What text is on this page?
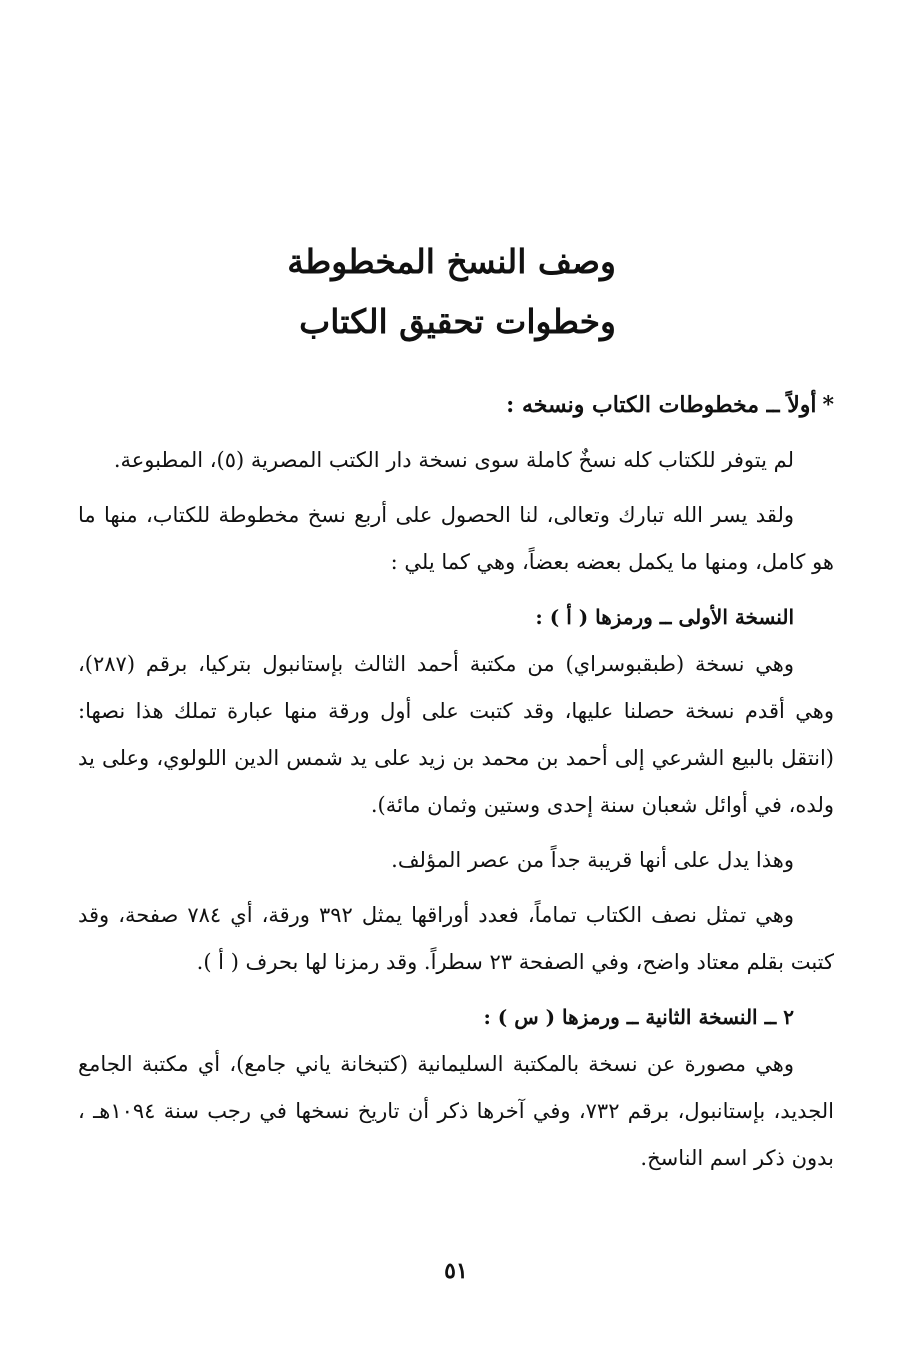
وصف النسخ المخطوطة
وخطوات تحقيق الكتاب
*أولاً ــ مخطوطات الكتاب ونسخه :

لم يتوفر للكتاب كله نسخٌ كاملة سوى نسخة دار الكتب المصرية (٥)، المطبوعة.

ولقد يسر الله تبارك وتعالى، لنا الحصول على أربع نسخ مخطوطة للكتاب، منها ما هو كامل، ومنها ما يكمل بعضه بعضاً، وهي كما يلي :

النسخة الأولى ــ ورمزها ( أ ) :

وهي نسخة (طبقبوسراي) من مكتبة أحمد الثالث بإستانبول بتركيا، برقم (٢٨٧)، وهي أقدم نسخة حصلنا عليها، وقد كتبت على أول ورقة منها عبارة تملك هذا نصها: (انتقل بالبيع الشرعي إلى أحمد بن محمد بن زيد على يد شمس الدين اللولوي، وعلى يد ولده، في أوائل شعبان سنة إحدى وستين وثمان مائة).

وهذا يدل على أنها قريبة جداً من عصر المؤلف.

وهي تمثل نصف الكتاب تماماً، فعدد أوراقها يمثل ٣٩٢ ورقة، أي ٧٨٤ صفحة، وقد كتبت بقلم معتاد واضح، وفي الصفحة ٢٣ سطراً. وقد رمزنا لها بحرف ( أ ).

٢ ــ النسخة الثانية ــ ورمزها ( س ) :

وهي مصورة عن نسخة بالمكتبة السليمانية (كتبخانة ياني جامع)، أي مكتبة الجامع الجديد، بإستانبول، برقم ٧٣٢، وفي آخرها ذكر أن تاريخ نسخها في رجب سنة ١٠٩٤هـ ، بدون ذكر اسم الناسخ.

٥١
